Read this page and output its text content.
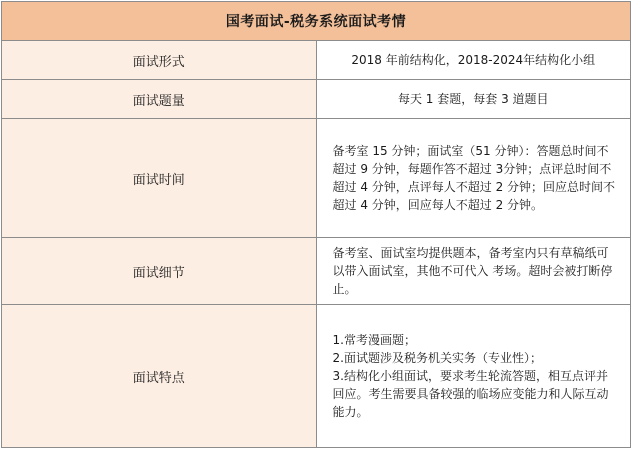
国考面试-税务系统面试考情	
面试形式	2018 年前结构化，2018-2024年结构化小组
面试题量	每天 1 套题，每套 3 道题目
面试时间	备考室 15 分钟；面试室（51 分钟）：答题总时间不超过 9 分钟，每题作答不超过 3分钟；点评总时间不超过 4 分钟，点评每人不超过 2 分钟；回应总时间不超过 4 分钟，回应每人不超过 2 分钟。
面试细节	备考室、面试室均提供题本，备考室内只有草稿纸可以带入面试室，其他不可代入 考场。超时会被打断停止。
面试特点	1.常考漫画题；
2.面试题涉及税务机关实务（专业性）；
3.结构化小组面试，要求考生轮流答题，相互点评并回应。考生需要具备较强的临场应变能力和人际互动能力。
